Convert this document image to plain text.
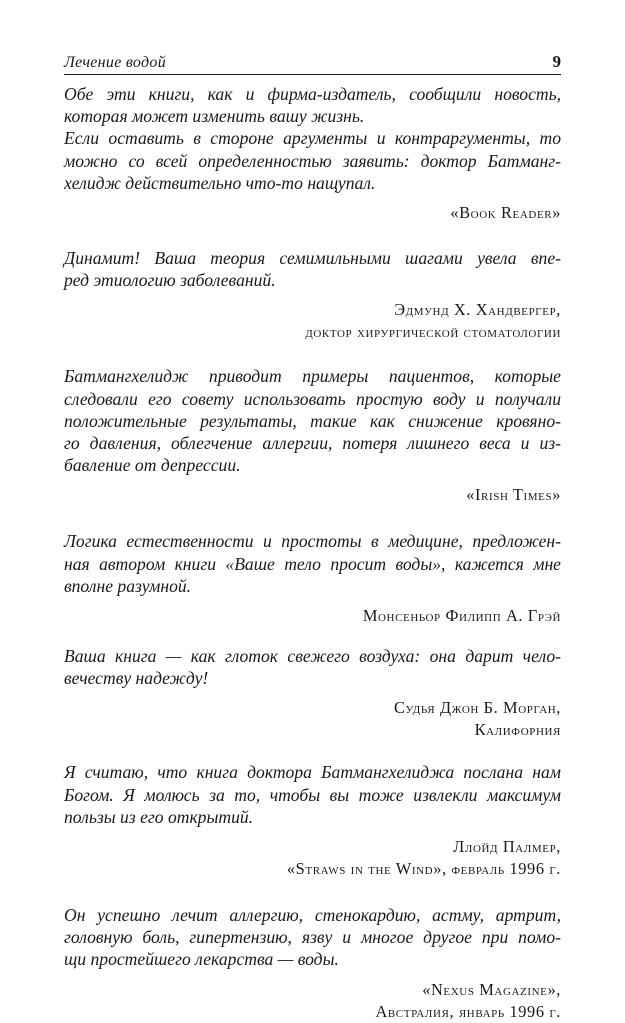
Лечение водой	9
Обе эти книги, как и фирма-издатель, сообщили новость,
которая может изменить вашу жизнь.
Если оставить в стороне аргументы и контраргументы, то
можно со всей определенностью заявить: доктор Батманг-
хелидж действительно что-то нащупал.
«Book Reader»
Динамит! Ваша теория семимильными шагами увела впе-
ред этиологию заболеваний.
Эдмунд Х. Хандвергер,
доктор хирургической стоматологии
Батмангхелидж приводит примеры пациентов, которые
следовали его совету использовать простую воду и получали
положительные результаты, такие как снижение кровяно-
го давления, облегчение аллергии, потеря лишнего веса и из-
бавление от депрессии.
«Irish Times»
Логика естественности и простоты в медицине, предложен-
ная автором книги «Ваше тело просит воды», кажется мне
вполне разумной.
Монсеньор Филипп А. Грэй
Ваша книга — как глоток свежего воздуха: она дарит чело-
вечеству надежду!
Судья Джон Б. Морган,
Калифорния
Я считаю, что книга доктора Батмангхелиджа послана нам
Богом. Я молюсь за то, чтобы вы тоже извлекли максимум
пользы из его открытий.
Ллойд Палмер,
«Straws in the Wind», февраль 1996 г.
Он успешно лечит аллергию, стенокардию, астму, артрит,
головную боль, гипертензию, язву и многое другое при помо-
щи простейшего лекарства — воды.
«Nexus Magazine»,
Австралия, январь 1996 г.
